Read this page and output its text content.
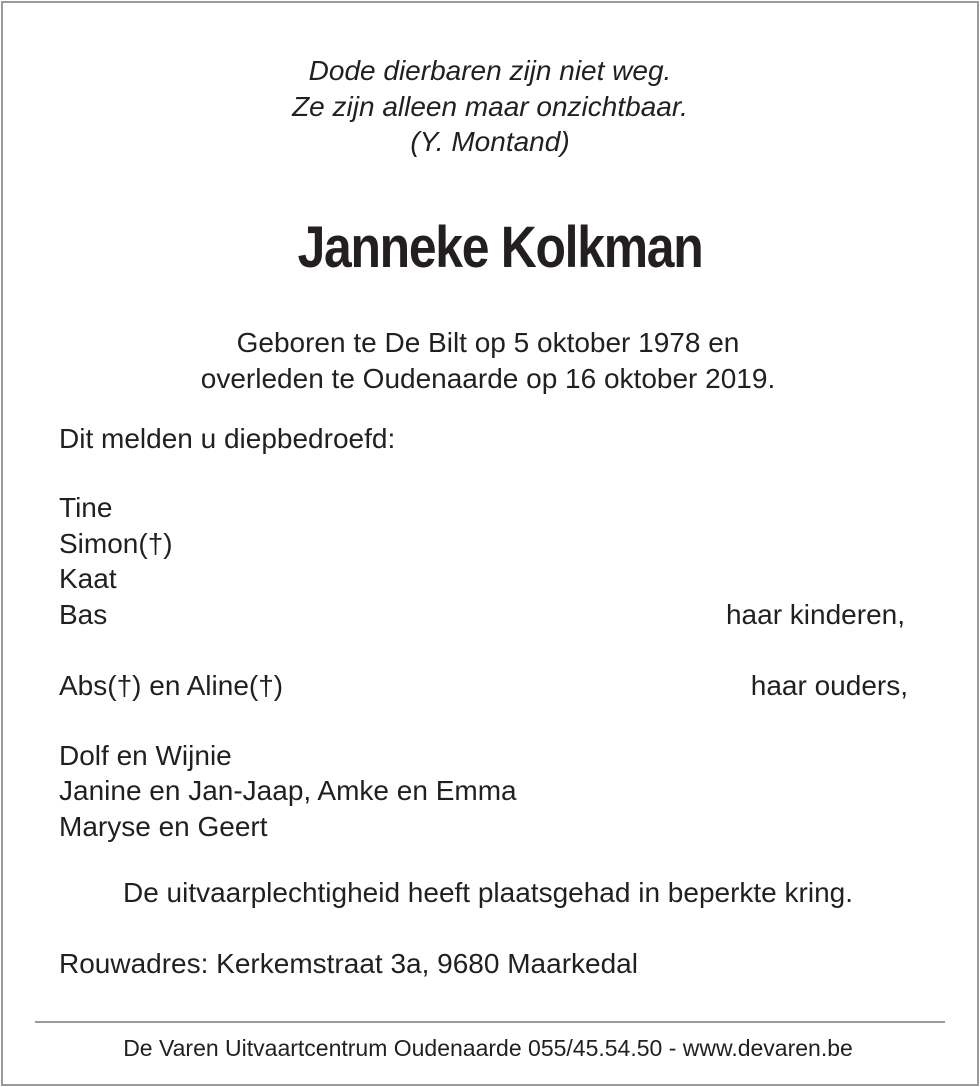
Dode dierbaren zijn niet weg.
Ze zijn alleen maar onzichtbaar.
(Y. Montand)
Janneke Kolkman
Geboren te De Bilt op 5 oktober 1978 en
overleden te Oudenaarde op 16 oktober 2019.
Dit melden u diepbedroefd:
Tine
Simon(†)
Kaat
Bas	haar kinderen,
Abs(†) en Aline(†)	haar ouders,
Dolf en Wijnie
Janine en Jan-Jaap, Amke en Emma
Maryse en Geert
De uitvaarplechtigheid heeft plaatsgehad in beperkte kring.
Rouwadres: Kerkemstraat 3a, 9680 Maarkedal
De Varen Uitvaartcentrum Oudenaarde 055/45.54.50 - www.devaren.be
